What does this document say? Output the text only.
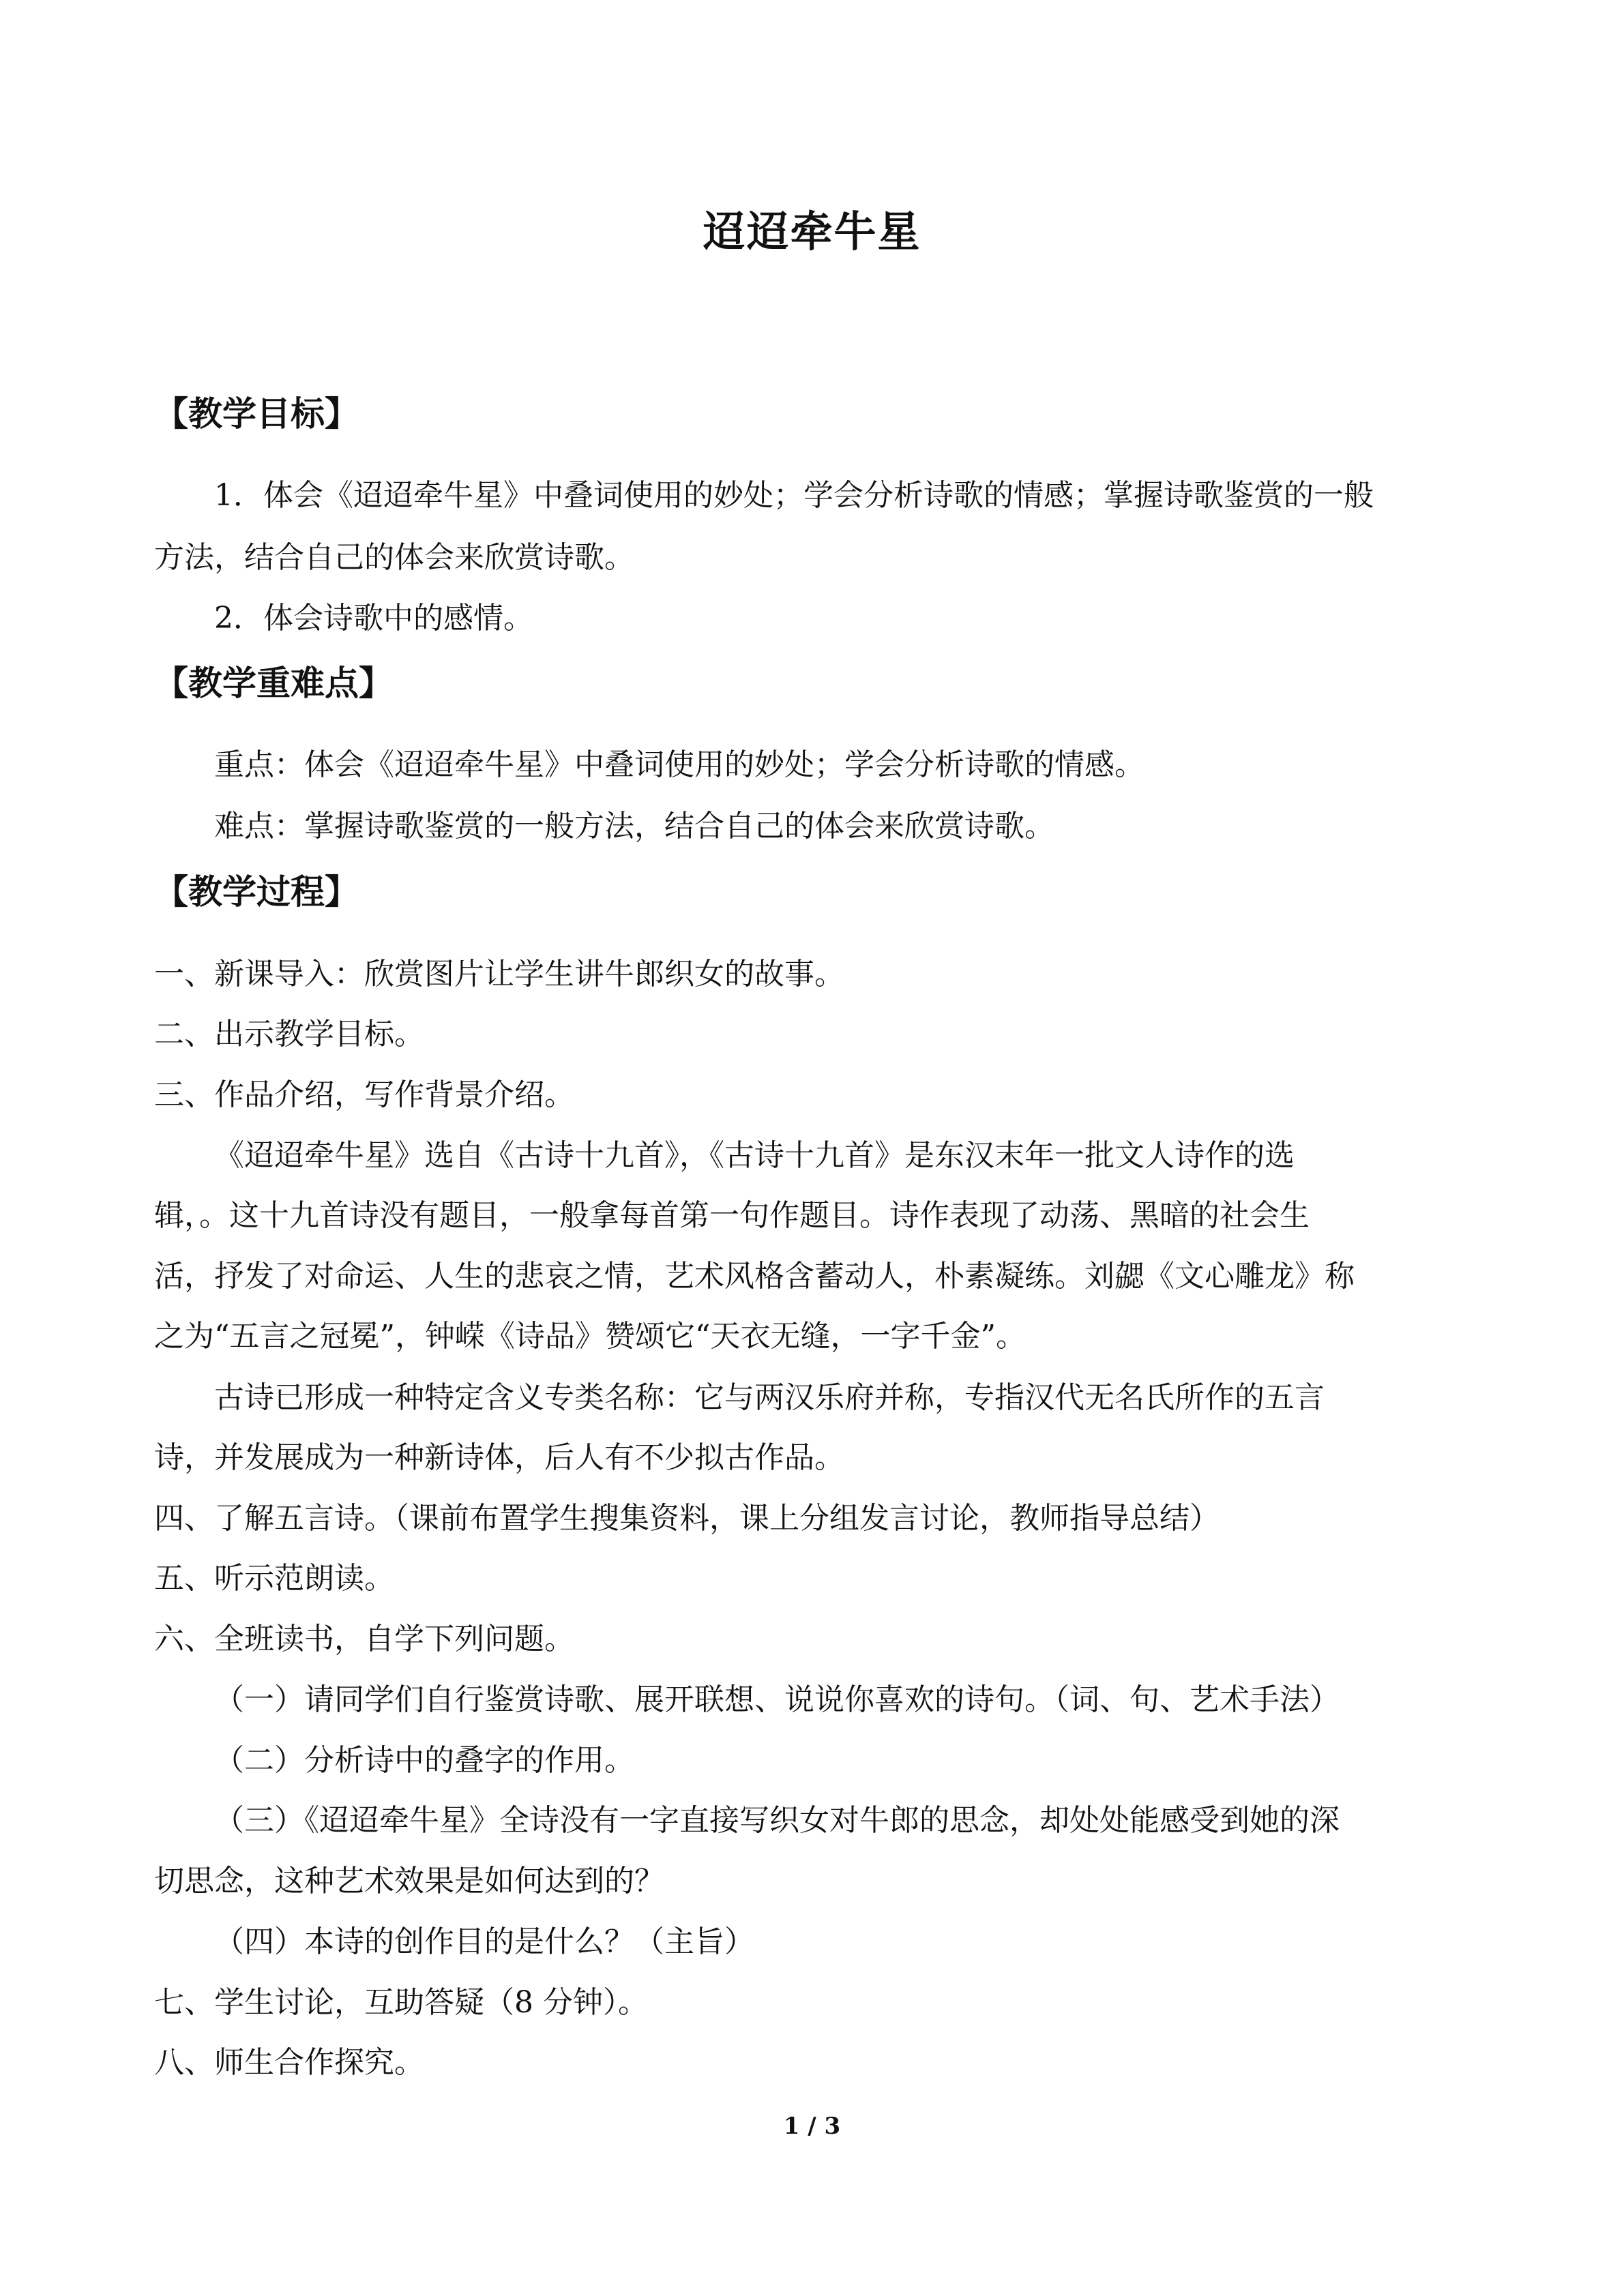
迢迢牵牛星
【教学目标】
1．体会《迢迢牵牛星》中叠词使用的妙处；学会分析诗歌的情感；掌握诗歌鉴赏的一般
方法，结合自己的体会来欣赏诗歌。
2．体会诗歌中的感情。
【教学重难点】
重点：体会《迢迢牵牛星》中叠词使用的妙处；学会分析诗歌的情感。
难点：掌握诗歌鉴赏的一般方法，结合自己的体会来欣赏诗歌。
【教学过程】
一、新课导入：欣赏图片让学生讲牛郎织女的故事。
二、出示教学目标。
三、作品介绍，写作背景介绍。
《迢迢牵牛星》选自《古诗十九首》，《古诗十九首》是东汉末年一批文人诗作的选
辑，。这十九首诗没有题目，一般拿每首第一句作题目。诗作表现了动荡、黑暗的社会生
活，抒发了对命运、人生的悲哀之情，艺术风格含蓄动人，朴素凝练。刘勰《文心雕龙》称
之为“五言之冠冕”，钟嵘《诗品》赞颂它“天衣无缝，一字千金”。
古诗已形成一种特定含义专类名称：它与两汉乐府并称，专指汉代无名氏所作的五言
诗，并发展成为一种新诗体，后人有不少拟古作品。
四、了解五言诗。（课前布置学生搜集资料，课上分组发言讨论，教师指导总结）
五、听示范朗读。
六、全班读书，自学下列问题。
（一）请同学们自行鉴赏诗歌、展开联想、说说你喜欢的诗句。（词、句、艺术手法）
（二）分析诗中的叠字的作用。
（三）《迢迢牵牛星》全诗没有一字直接写织女对牛郎的思念，却处处能感受到她的深
切思念，这种艺术效果是如何达到的？
（四）本诗的创作目的是什么？（主旨）
七、学生讨论，互助答疑（8 分钟）。
八、师生合作探究。
1 / 3
